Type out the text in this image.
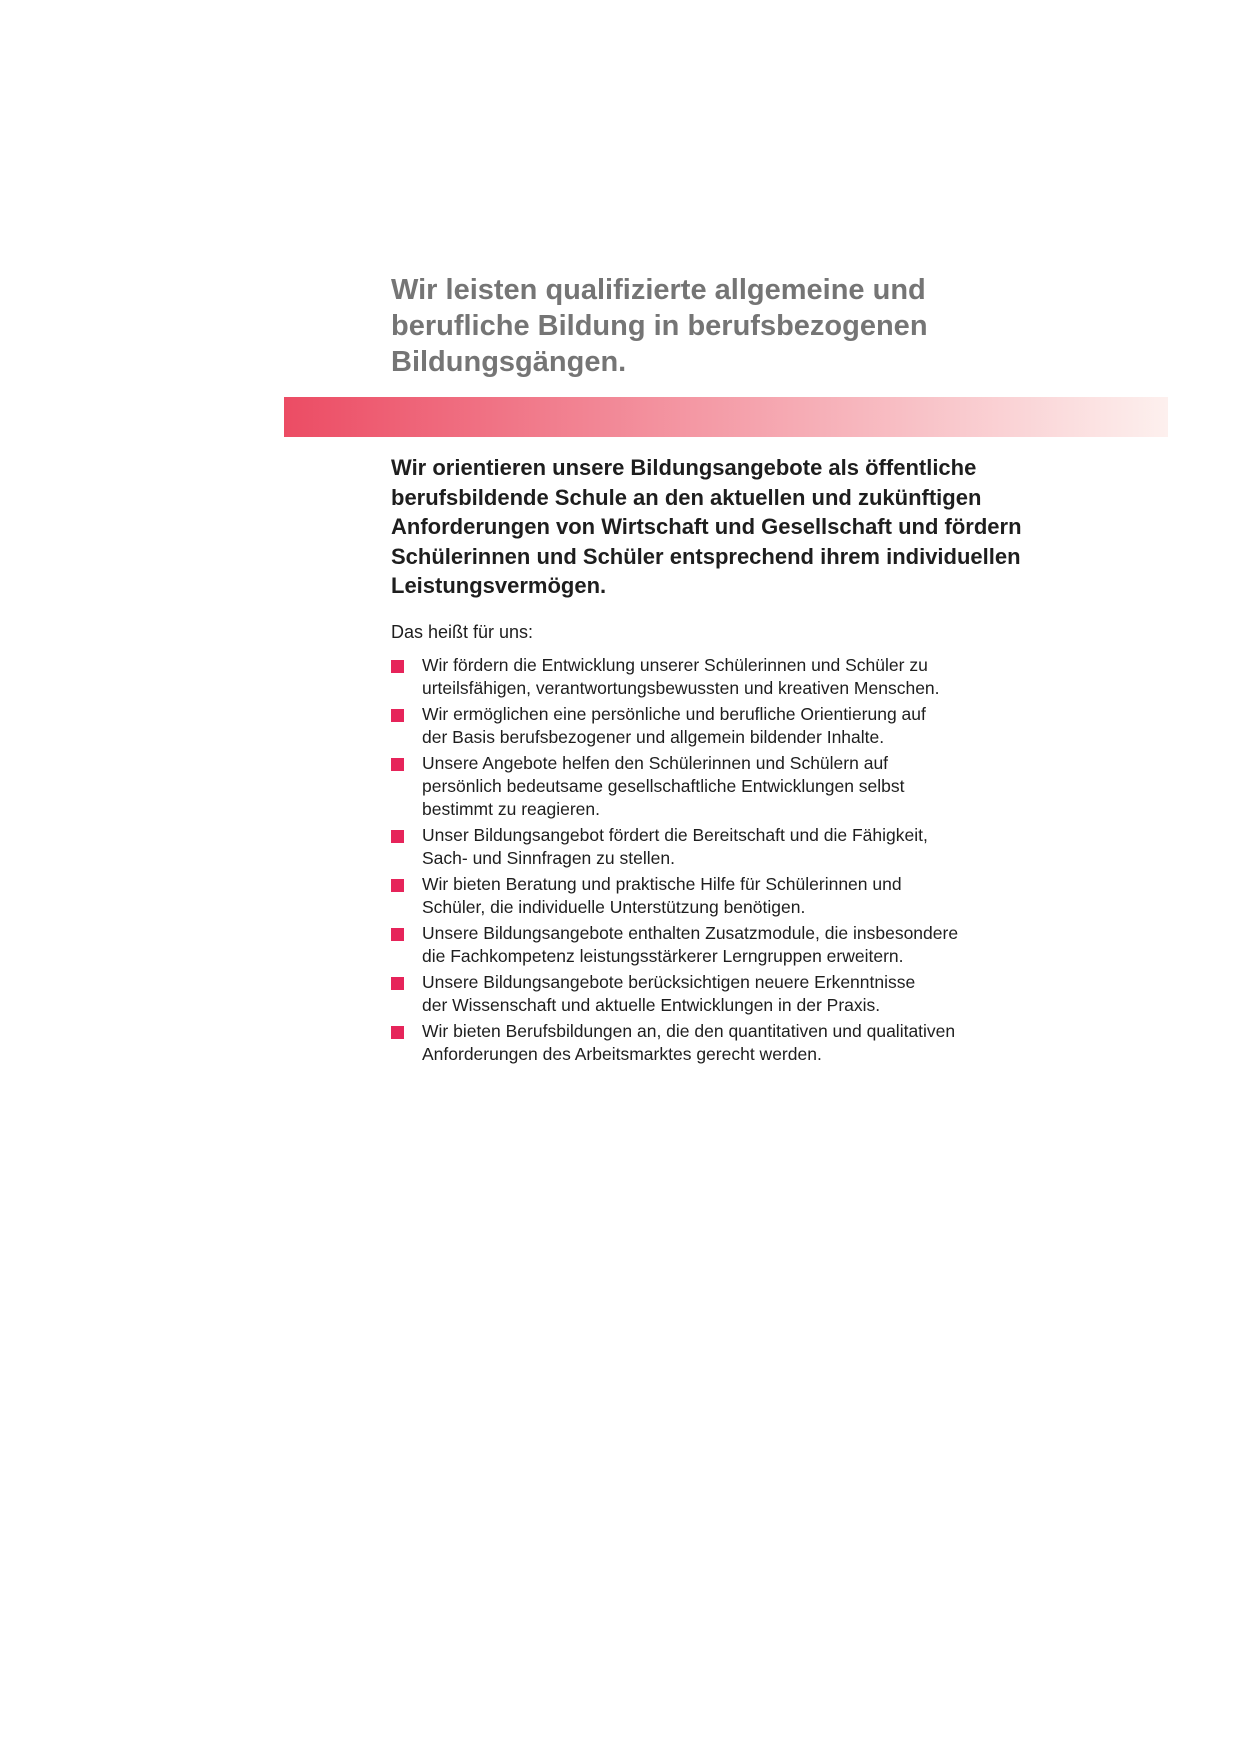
Wir leisten qualifizierte allgemeine und
berufliche Bildung in berufsbezogenen
Bildungsgängen.

Wir orientieren unsere Bildungsangebote als öffentliche
berufsbildende Schule an den aktuellen und zukünftigen
Anforderungen von Wirtschaft und Gesellschaft und fördern
Schülerinnen und Schüler entsprechend ihrem individuellen
Leistungsvermögen.

Das heißt für uns:

Wir fördern die Entwicklung unserer Schülerinnen und Schüler zu
urteilsfähigen, verantwortungsbewussten und kreativen Menschen.
Wir ermöglichen eine persönliche und berufliche Orientierung auf
der Basis berufsbezogener und allgemein bildender Inhalte.
Unsere Angebote helfen den Schülerinnen und Schülern auf
persönlich bedeutsame gesellschaftliche Entwicklungen selbst
bestimmt zu reagieren.
Unser Bildungsangebot fördert die Bereitschaft und die Fähigkeit,
Sach- und Sinnfragen zu stellen.
Wir bieten Beratung und praktische Hilfe für Schülerinnen und
Schüler, die individuelle Unterstützung benötigen.
Unsere Bildungsangebote enthalten Zusatzmodule, die insbesondere
die Fachkompetenz leistungsstärkerer Lerngruppen erweitern.
Unsere Bildungsangebote berücksichtigen neuere Erkenntnisse
der Wissenschaft und aktuelle Entwicklungen in der Praxis.
Wir bieten Berufsbildungen an, die den quantitativen und qualitativen
Anforderungen des Arbeitsmarktes gerecht werden.
